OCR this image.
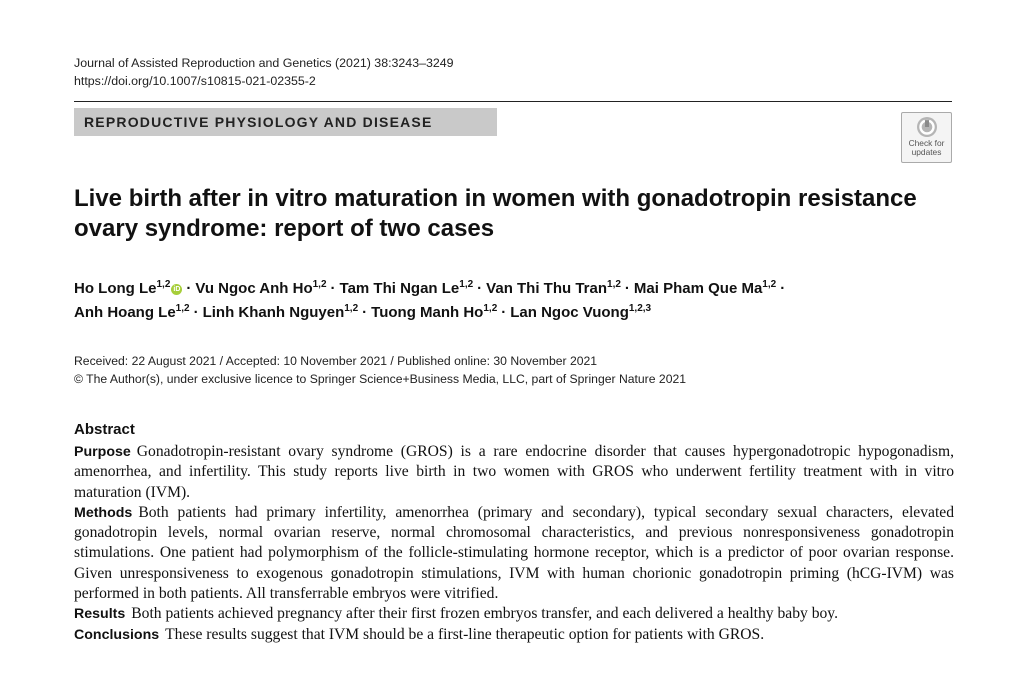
Journal of Assisted Reproduction and Genetics (2021) 38:3243–3249
https://doi.org/10.1007/s10815-021-02355-2
REPRODUCTIVE PHYSIOLOGY AND DISEASE
Check for
updates
Live birth after in vitro maturation in women with gonadotropin resistance ovary syndrome: report of two cases
Ho Long Le$^{1,2}$ iD · Vu Ngoc Anh Ho$^{1,2}$ · Tam Thi Ngan Le$^{1,2}$ · Van Thi Thu Tran$^{1,2}$ · Mai Pham Que Ma$^{1,2}$ ·
Anh Hoang Le$^{1,2}$ · Linh Khanh Nguyen$^{1,2}$ · Tuong Manh Ho$^{1,2}$ · Lan Ngoc Vuong$^{1,2,3}$
Received: 22 August 2021 / Accepted: 10 November 2021 / Published online: 30 November 2021
© The Author(s), under exclusive licence to Springer Science+Business Media, LLC, part of Springer Nature 2021
Abstract

Purpose Gonadotropin-resistant ovary syndrome (GROS) is a rare endocrine disorder that causes hypergonadotropic hypogonadism, amenorrhea, and infertility. This study reports live birth in two women with GROS who underwent fertility treatment with in vitro maturation (IVM).

Methods Both patients had primary infertility, amenorrhea (primary and secondary), typical secondary sexual characters, elevated gonadotropin levels, normal ovarian reserve, normal chromosomal characteristics, and previous nonresponsiveness gonadotropin stimulations. One patient had polymorphism of the follicle-stimulating hormone receptor, which is a predictor of poor ovarian response. Given unresponsiveness to exogenous gonadotropin stimulations, IVM with human chorionic gonadotropin priming (hCG-IVM) was performed in both patients. All transferrable embryos were vitrified.

Results Both patients achieved pregnancy after their first frozen embryos transfer, and each delivered a healthy baby boy.

Conclusions These results suggest that IVM should be a first-line therapeutic option for patients with GROS.
